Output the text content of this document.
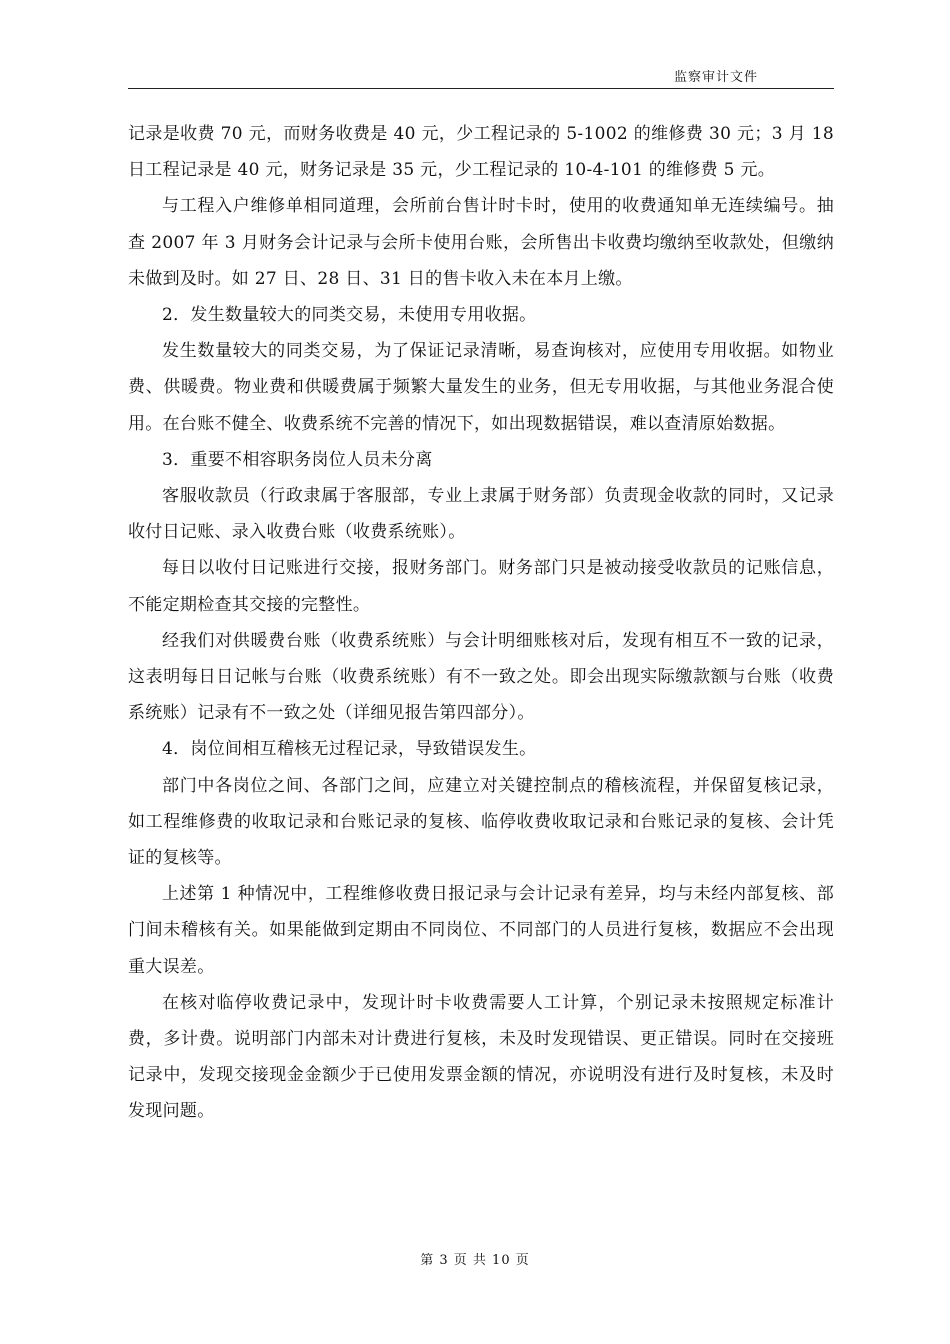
监察审计文件

记录是收费 70 元，而财务收费是 40 元，少工程记录的 5-1002 的维修费 30 元；3 月 18 日工程记录是 40 元，财务记录是 35 元，少工程记录的 10-4-101 的维修费 5 元。

与工程入户维修单相同道理，会所前台售计时卡时，使用的收费通知单无连续编号。抽查 2007 年 3 月财务会计记录与会所卡使用台账，会所售出卡收费均缴纳至收款处，但缴纳未做到及时。如 27 日、28 日、31 日的售卡收入未在本月上缴。

2．发生数量较大的同类交易，未使用专用收据。

发生数量较大的同类交易，为了保证记录清晰，易查询核对，应使用专用收据。如物业费、供暖费。物业费和供暖费属于频繁大量发生的业务，但无专用收据，与其他业务混合使用。在台账不健全、收费系统不完善的情况下，如出现数据错误，难以查清原始数据。

3．重要不相容职务岗位人员未分离

客服收款员（行政隶属于客服部，专业上隶属于财务部）负责现金收款的同时，又记录收付日记账、录入收费台账（收费系统账）。

每日以收付日记账进行交接，报财务部门。财务部门只是被动接受收款员的记账信息，不能定期检查其交接的完整性。

经我们对供暖费台账（收费系统账）与会计明细账核对后，发现有相互不一致的记录，这表明每日日记帐与台账（收费系统账）有不一致之处。即会出现实际缴款额与台账（收费系统账）记录有不一致之处（详细见报告第四部分）。

4．岗位间相互稽核无过程记录，导致错误发生。

部门中各岗位之间、各部门之间，应建立对关键控制点的稽核流程，并保留复核记录，如工程维修费的收取记录和台账记录的复核、临停收费收取记录和台账记录的复核、会计凭证的复核等。

上述第 1 种情况中，工程维修收费日报记录与会计记录有差异，均与未经内部复核、部门间未稽核有关。如果能做到定期由不同岗位、不同部门的人员进行复核，数据应不会出现重大误差。

在核对临停收费记录中，发现计时卡收费需要人工计算，个别记录未按照规定标准计费，多计费。说明部门内部未对计费进行复核，未及时发现错误、更正错误。同时在交接班记录中，发现交接现金金额少于已使用发票金额的情况，亦说明没有进行及时复核，未及时发现问题。

第 3 页 共 10 页
